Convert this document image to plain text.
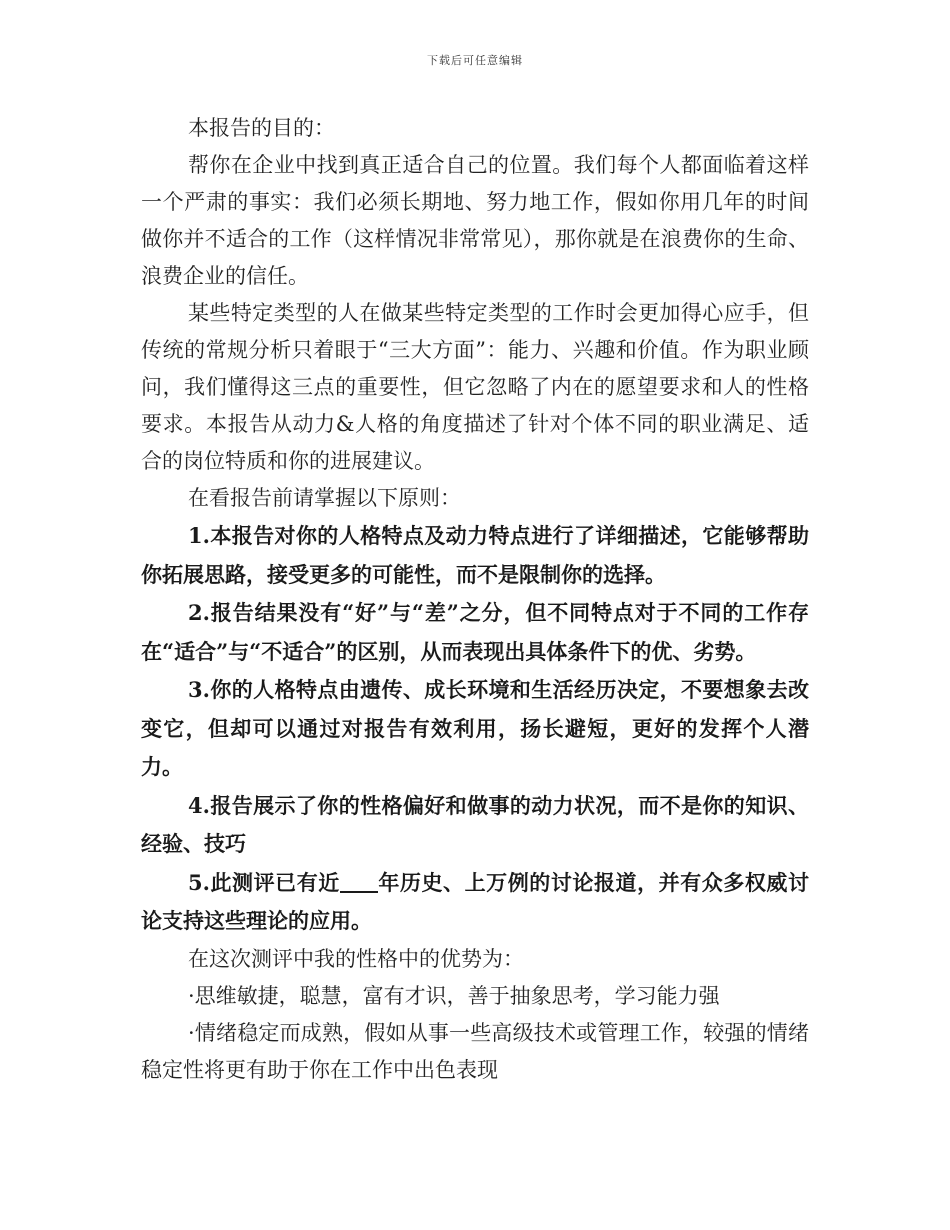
下载后可任意编辑

本报告的目的：

帮你在企业中找到真正适合自己的位置。我们每个人都面临着这样一个严肃的事实：我们必须长期地、努力地工作，假如你用几年的时间做你并不适合的工作（这样情况非常常见），那你就是在浪费你的生命、浪费企业的信任。

某些特定类型的人在做某些特定类型的工作时会更加得心应手，但传统的常规分析只着眼于“三大方面”：能力、兴趣和价值。作为职业顾问，我们懂得这三点的重要性，但它忽略了内在的愿望要求和人的性格要求。本报告从动力&人格的角度描述了针对个体不同的职业满足、适合的岗位特质和你的进展建议。

在看报告前请掌握以下原则：

1.本报告对你的人格特点及动力特点进行了详细描述，它能够帮助你拓展思路，接受更多的可能性，而不是限制你的选择。

2.报告结果没有“好”与“差”之分，但不同特点对于不同的工作存在“适合”与“不适合”的区别，从而表现出具体条件下的优、劣势。

3.你的人格特点由遗传、成长环境和生活经历决定，不要想象去改变它，但却可以通过对报告有效利用，扬长避短，更好的发挥个人潜力。

4.报告展示了你的性格偏好和做事的动力状况，而不是你的知识、经验、技巧

5.此测评已有近 年历史、上万例的讨论报道，并有众多权威讨论支持这些理论的应用。

在这次测评中我的性格中的优势为：

·思维敏捷，聪慧，富有才识，善于抽象思考，学习能力强

·情绪稳定而成熟，假如从事一些高级技术或管理工作，较强的情绪稳定性将更有助于你在工作中出色表现
